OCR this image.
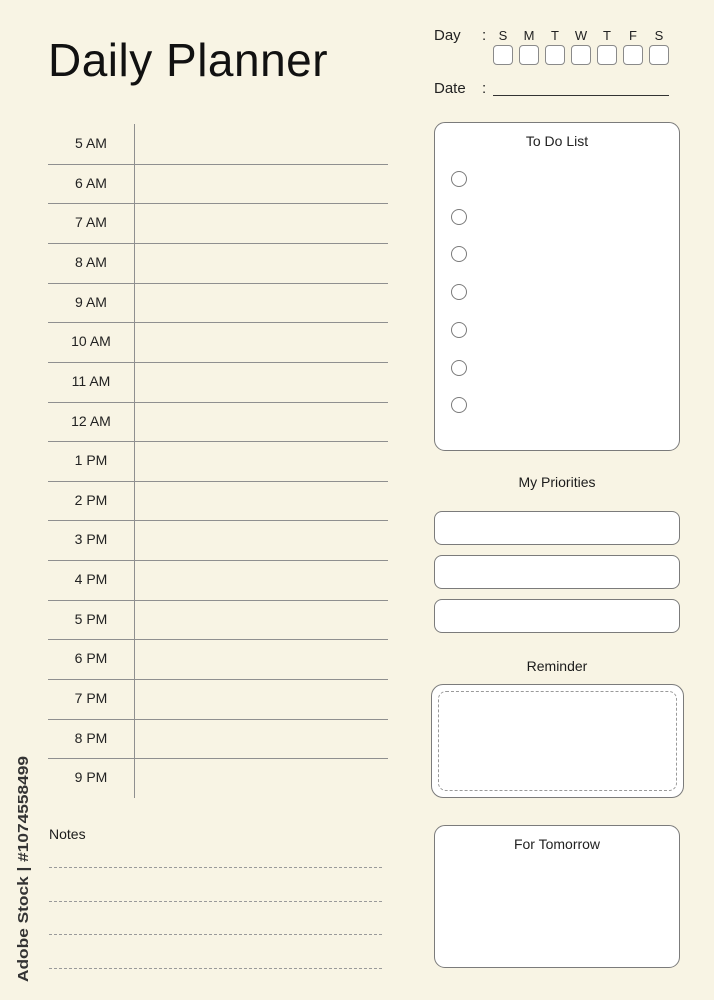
Daily Planner	Day : S	M	T	W	T	F	S
Date :
5 AM
6 AM
7 AM
8 AM
9 AM
10 AM
11 AM
12 AM
1 PM
2 PM
3 PM
4 PM
5 PM
6 PM
7 PM
8 PM
9 PM
Notes
To Do List
My Priorities
Reminder
For Tomorrow
Adobe Stock | #1074558499
